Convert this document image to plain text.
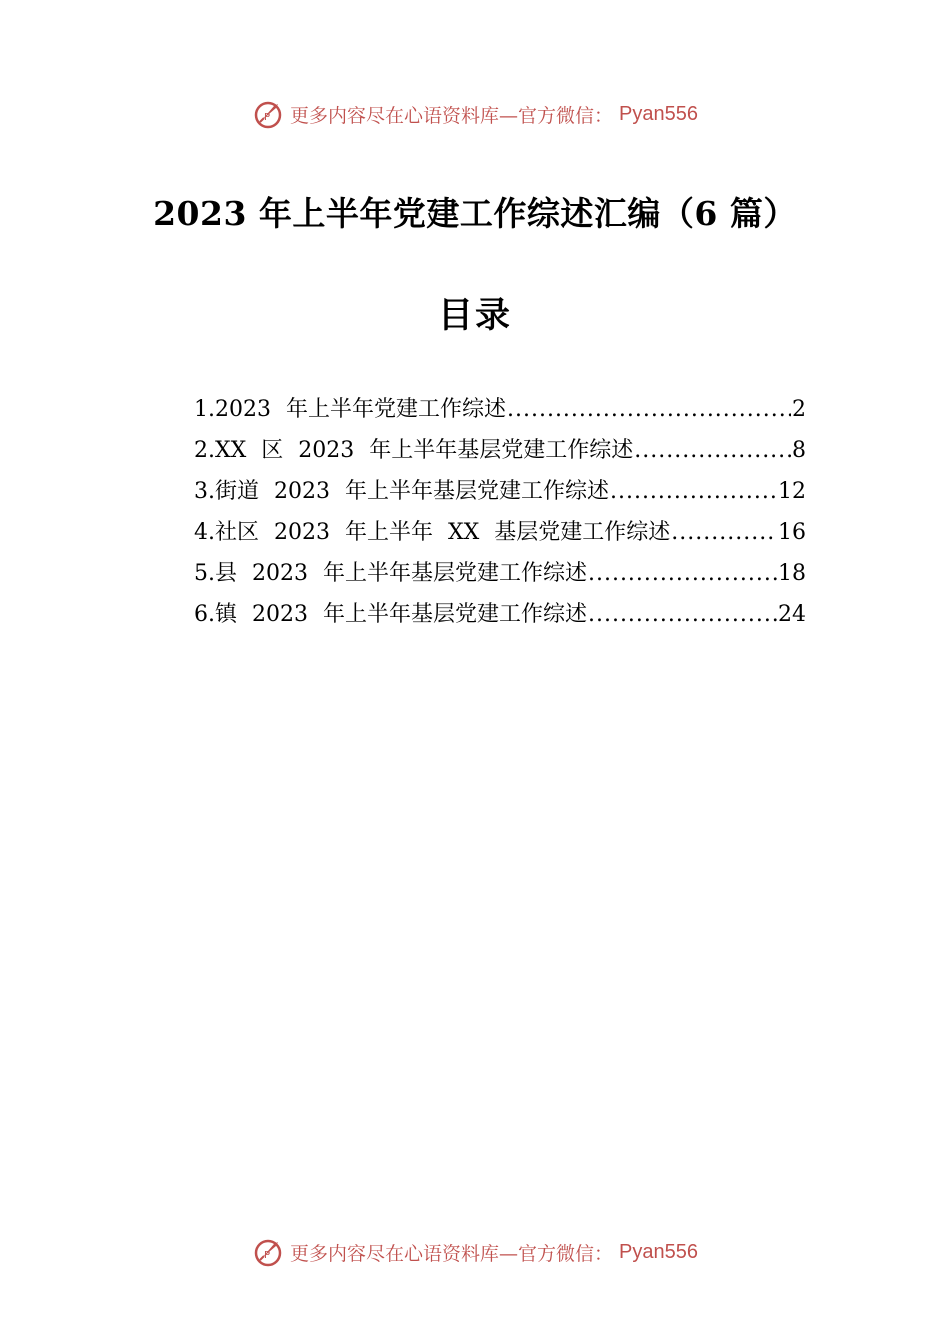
P 更多内容尽在心语资料库—官方微信： Pyan556
2023 年上半年党建工作综述汇编（6 篇）
目录
1.2023 年上半年党建工作综述 .....	2
2.XX 区 2023 年上半年基层党建工作综述 .....	8
3.街道 2023 年上半年基层党建工作综述 .....	12
4.社区 2023 年上半年 XX 基层党建工作综述 .....	16
5.县 2023 年上半年基层党建工作综述 .....	18
6.镇 2023 年上半年基层党建工作综述 .....	24
P 更多内容尽在心语资料库—官方微信： Pyan556
